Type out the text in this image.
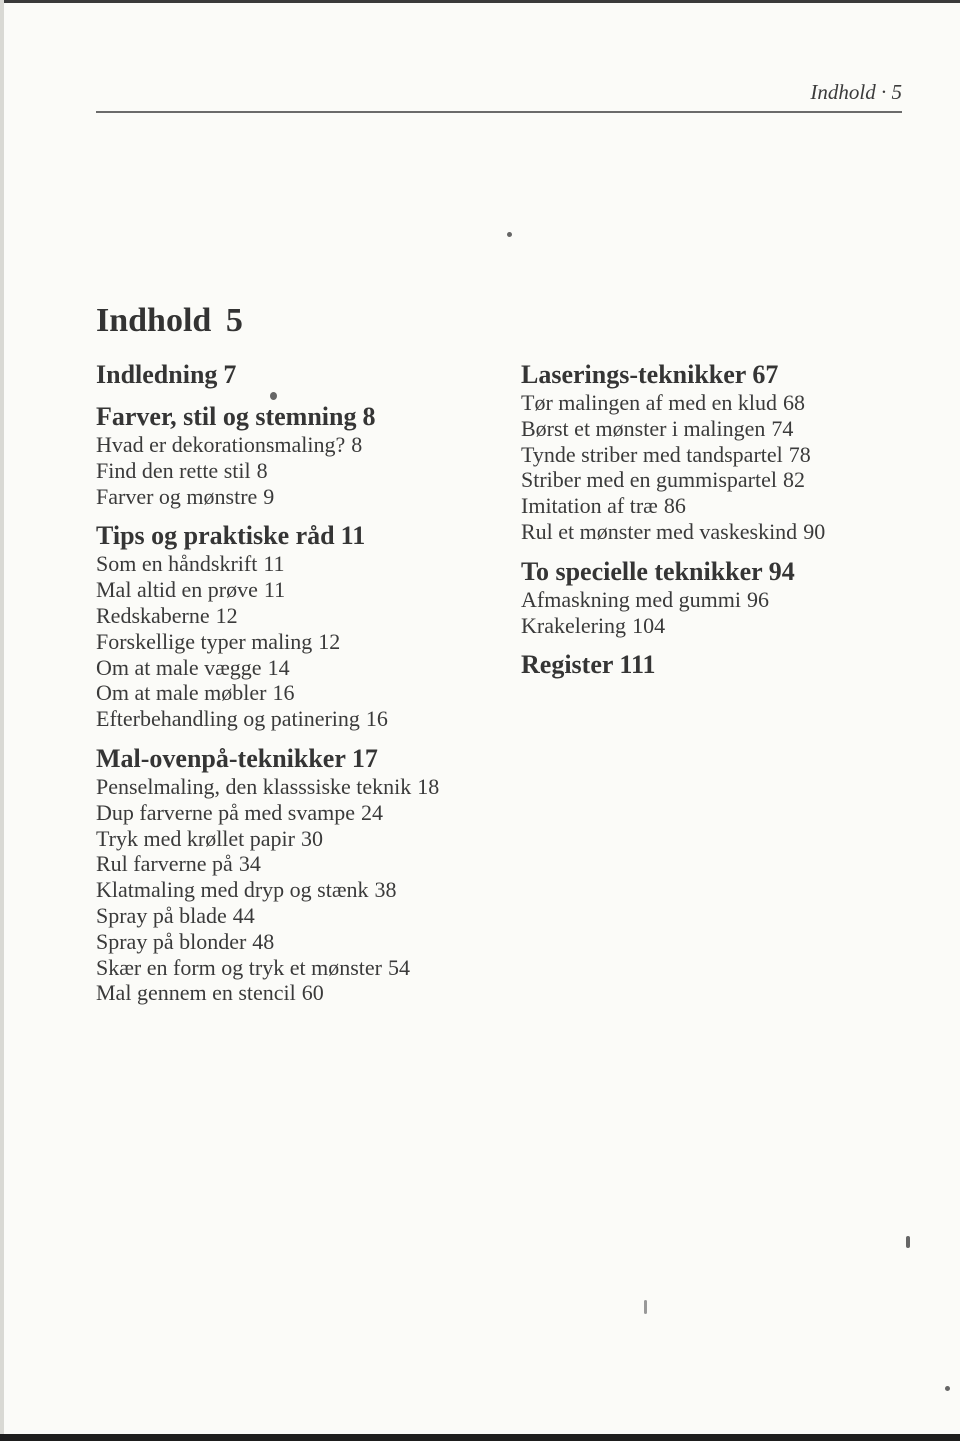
Indhold · 5
Indhold 5
Indledning 7
Farver, stil og stemning 8
Hvad er dekorationsmaling? 8
Find den rette stil 8
Farver og mønstre 9
Tips og praktiske råd 11
Som en håndskrift 11
Mal altid en prøve 11
Redskaberne 12
Forskellige typer maling 12
Om at male vægge 14
Om at male møbler 16
Efterbehandling og patinering 16
Mal-ovenpå-teknikker 17
Penselmaling, den klasssiske teknik 18
Dup farverne på med svampe 24
Tryk med krøllet papir 30
Rul farverne på 34
Klatmaling med dryp og stænk 38
Spray på blade 44
Spray på blonder 48
Skær en form og tryk et mønster 54
Mal gennem en stencil 60
Laserings-teknikker 67
Tør malingen af med en klud 68
Børst et mønster i malingen 74
Tynde striber med tandspartel 78
Striber med en gummispartel 82
Imitation af træ 86
Rul et mønster med vaskeskind 90
To specielle teknikker 94
Afmaskning med gummi 96
Krakelering 104
Register 111
